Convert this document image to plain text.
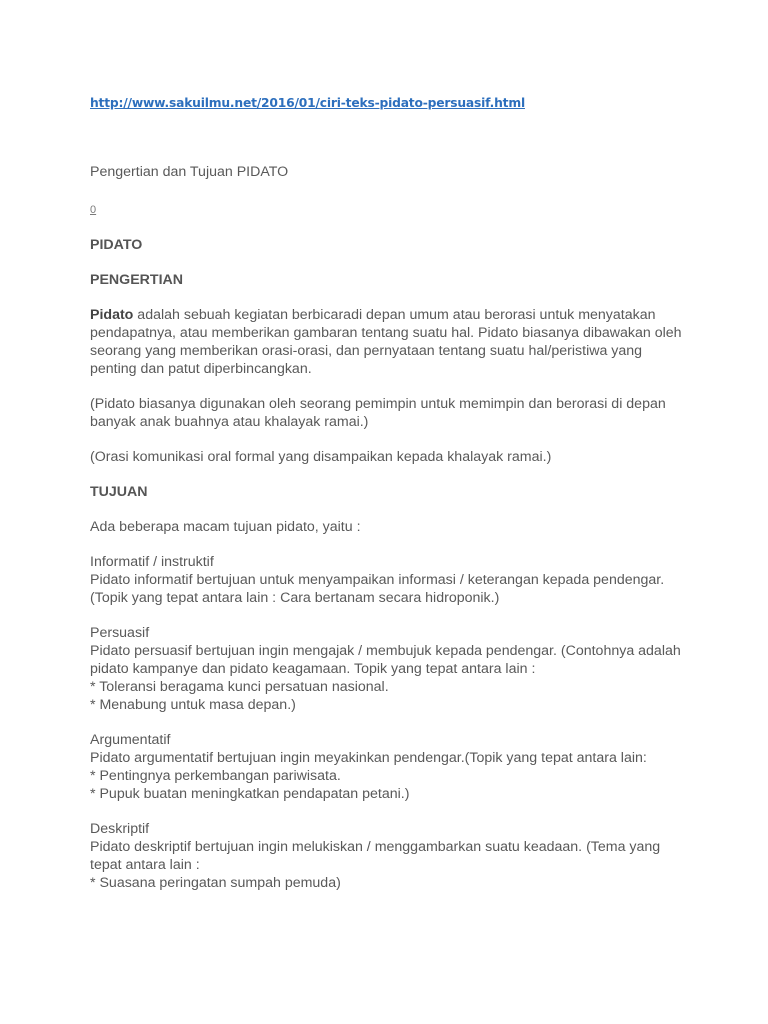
http://www.sakuilmu.net/2016/01/ciri-teks-pidato-persuasif.html
Pengertian dan Tujuan PIDATO
0
PIDATO
PENGERTIAN

Pidato adalah sebuah kegiatan berbicaradi depan umum atau berorasi untuk menyatakan pendapatnya, atau memberikan gambaran tentang suatu hal. Pidato biasanya dibawakan oleh seorang yang memberikan orasi-orasi, dan pernyataan tentang suatu hal/peristiwa yang penting dan patut diperbincangkan.

(Pidato biasanya digunakan oleh seorang pemimpin untuk memimpin dan berorasi di depan banyak anak buahnya atau khalayak ramai.)

(Orasi komunikasi oral formal yang disampaikan kepada khalayak ramai.)

TUJUAN

Ada beberapa macam tujuan pidato, yaitu :

Informatif / instruktif
Pidato informatif bertujuan untuk menyampaikan informasi / keterangan kepada pendengar. (Topik yang tepat antara lain : Cara bertanam secara hidroponik.)

Persuasif
Pidato persuasif bertujuan ingin mengajak / membujuk kepada pendengar. (Contohnya adalah pidato kampanye dan pidato keagamaan. Topik yang tepat antara lain :
* Toleransi beragama kunci persatuan nasional.
* Menabung untuk masa depan.)

Argumentatif
Pidato argumentatif bertujuan ingin meyakinkan pendengar.(Topik yang tepat antara lain:
* Pentingnya perkembangan pariwisata.
* Pupuk buatan meningkatkan pendapatan petani.)

Deskriptif
Pidato deskriptif bertujuan ingin melukiskan / menggambarkan suatu keadaan. (Tema yang tepat antara lain :
* Suasana peringatan sumpah pemuda)
